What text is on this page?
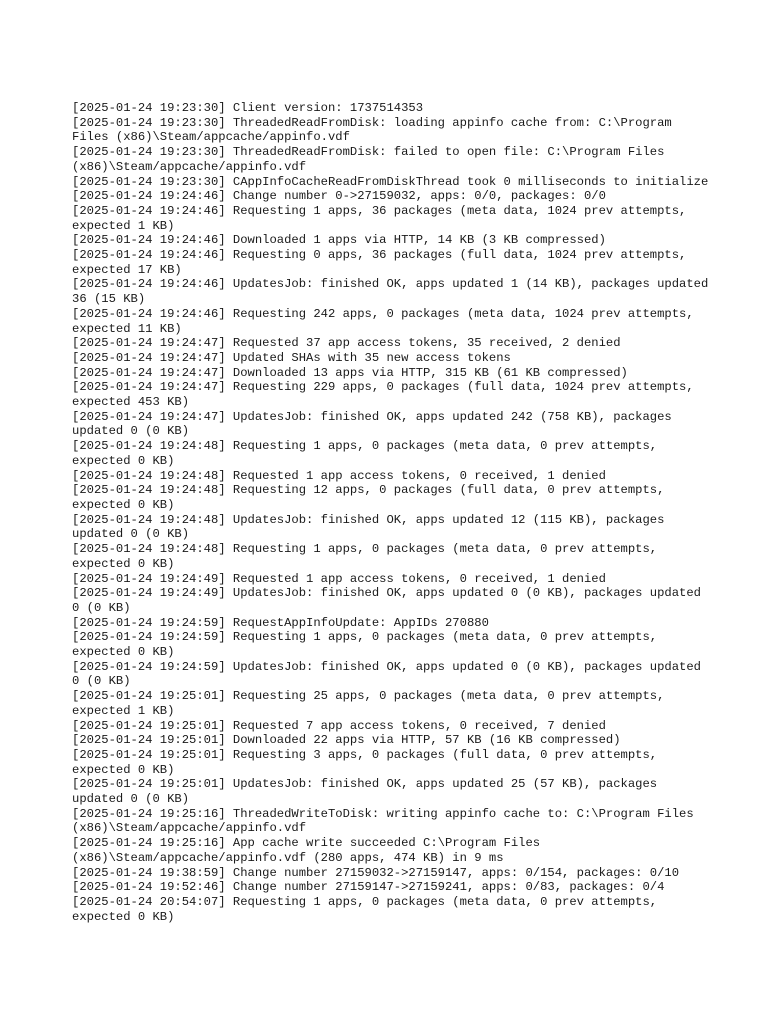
[2025-01-24 19:23:30] Client version: 1737514353

[2025-01-24 19:23:30] ThreadedReadFromDisk: loading appinfo cache from: C:\Program Files (x86)\Steam/appcache/appinfo.vdf

[2025-01-24 19:23:30] ThreadedReadFromDisk: failed to open file: C:\Program Files (x86)\Steam/appcache/appinfo.vdf

[2025-01-24 19:23:30] CAppInfoCacheReadFromDiskThread took 0 milliseconds to initialize

[2025-01-24 19:24:46] Change number 0->27159032, apps: 0/0, packages: 0/0

[2025-01-24 19:24:46] Requesting 1 apps, 36 packages (meta data, 1024 prev attempts, expected 1 KB)

[2025-01-24 19:24:46] Downloaded 1 apps via HTTP, 14 KB (3 KB compressed)

[2025-01-24 19:24:46] Requesting 0 apps, 36 packages (full data, 1024 prev attempts, expected 17 KB)

[2025-01-24 19:24:46] UpdatesJob: finished OK, apps updated 1 (14 KB), packages updated 36 (15 KB)

[2025-01-24 19:24:46] Requesting 242 apps, 0 packages (meta data, 1024 prev attempts, expected 11 KB)

[2025-01-24 19:24:47] Requested 37 app access tokens, 35 received, 2 denied

[2025-01-24 19:24:47] Updated SHAs with 35 new access tokens

[2025-01-24 19:24:47] Downloaded 13 apps via HTTP, 315 KB (61 KB compressed)

[2025-01-24 19:24:47] Requesting 229 apps, 0 packages (full data, 1024 prev attempts, expected 453 KB)

[2025-01-24 19:24:47] UpdatesJob: finished OK, apps updated 242 (758 KB), packages updated 0 (0 KB)

[2025-01-24 19:24:48] Requesting 1 apps, 0 packages (meta data, 0 prev attempts, expected 0 KB)

[2025-01-24 19:24:48] Requested 1 app access tokens, 0 received, 1 denied

[2025-01-24 19:24:48] Requesting 12 apps, 0 packages (full data, 0 prev attempts, expected 0 KB)

[2025-01-24 19:24:48] UpdatesJob: finished OK, apps updated 12 (115 KB), packages updated 0 (0 KB)

[2025-01-24 19:24:48] Requesting 1 apps, 0 packages (meta data, 0 prev attempts, expected 0 KB)

[2025-01-24 19:24:49] Requested 1 app access tokens, 0 received, 1 denied

[2025-01-24 19:24:49] UpdatesJob: finished OK, apps updated 0 (0 KB), packages updated 0 (0 KB)

[2025-01-24 19:24:59] RequestAppInfoUpdate: AppIDs 270880

[2025-01-24 19:24:59] Requesting 1 apps, 0 packages (meta data, 0 prev attempts, expected 0 KB)

[2025-01-24 19:24:59] UpdatesJob: finished OK, apps updated 0 (0 KB), packages updated 0 (0 KB)

[2025-01-24 19:25:01] Requesting 25 apps, 0 packages (meta data, 0 prev attempts, expected 1 KB)

[2025-01-24 19:25:01] Requested 7 app access tokens, 0 received, 7 denied

[2025-01-24 19:25:01] Downloaded 22 apps via HTTP, 57 KB (16 KB compressed)

[2025-01-24 19:25:01] Requesting 3 apps, 0 packages (full data, 0 prev attempts, expected 0 KB)

[2025-01-24 19:25:01] UpdatesJob: finished OK, apps updated 25 (57 KB), packages updated 0 (0 KB)

[2025-01-24 19:25:16] ThreadedWriteToDisk: writing appinfo cache to: C:\Program Files (x86)\Steam/appcache/appinfo.vdf

[2025-01-24 19:25:16] App cache write succeeded C:\Program Files (x86)\Steam/appcache/appinfo.vdf (280 apps, 474 KB) in 9 ms

[2025-01-24 19:38:59] Change number 27159032->27159147, apps: 0/154, packages: 0/10

[2025-01-24 19:52:46] Change number 27159147->27159241, apps: 0/83, packages: 0/4

[2025-01-24 20:54:07] Requesting 1 apps, 0 packages (meta data, 0 prev attempts, expected 0 KB)
